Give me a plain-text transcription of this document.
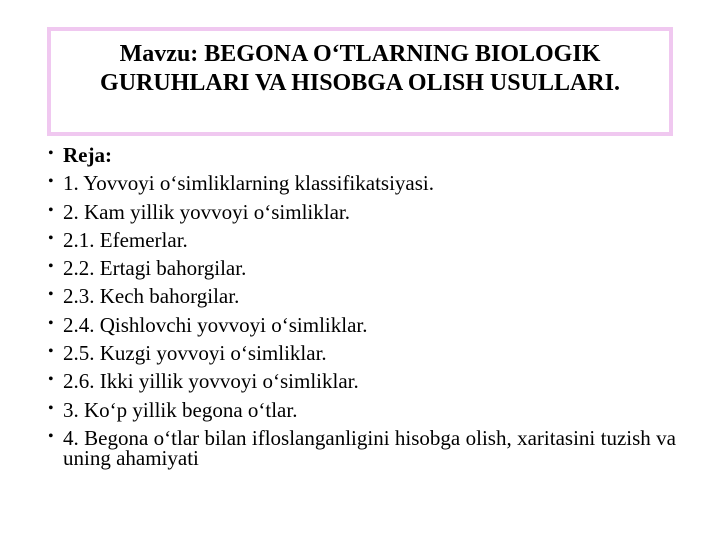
Mavzu: BEGONA O‘TLARNING BIOLOGIK GURUHLARI VA HISOBGA OLISH USULLARI.
• Reja:
• 1. Yovvoyi o‘simliklarning klassifikatsiyasi.
• 2. Kam yillik yovvoyi o‘simliklar.
• 2.1. Efemerlar.
• 2.2. Ertagi bahorgilar.
• 2.3. Kech bahorgilar.
• 2.4. Qishlovchi yovvoyi o‘simliklar.
• 2.5. Kuzgi yovvoyi o‘simliklar.
• 2.6. Ikki yillik yovvoyi o‘simliklar.
• 3. Ko‘p yillik begona o‘tlar.
• 4. Begona o‘tlar bilan ifloslanganligini hisobga olish, xaritasini tuzish va uning ahamiyati
